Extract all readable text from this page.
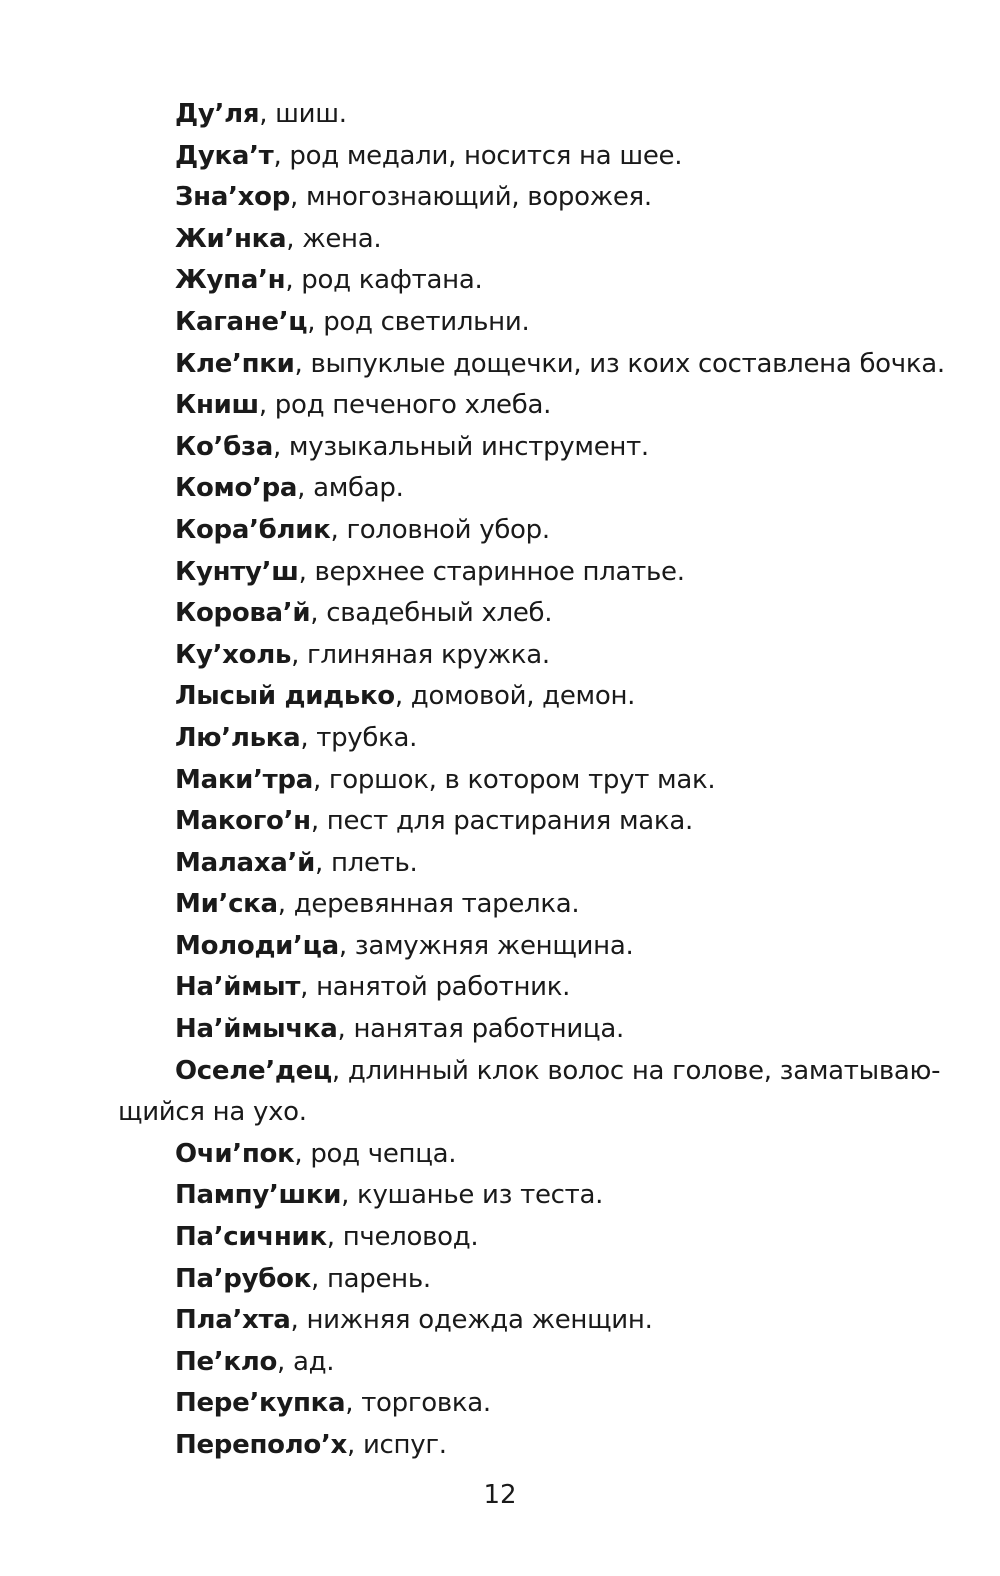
Ду’ля, шиш.
Дука’т, род медали, носится на шее.
Зна’хор, многознающий, ворожея.
Жи’нка, жена.
Жупа’н, род кафтана.
Кагане’ц, род светильни.
Кле’пки, выпуклые дощечки, из коих составлена бочка.
Книш, род печеного хлеба.
Ко’бза, музыкальный инструмент.
Комо’ра, амбар.
Кора’блик, головной убор.
Кунту’ш, верхнее старинное платье.
Корова’й, свадебный хлеб.
Ку’холь, глиняная кружка.
Лысый дидько, домовой, демон.
Лю’лька, трубка.
Маки’тра, горшок, в котором трут мак.
Макого’н, пест для растирания мака.
Малаха’й, плеть.
Ми’ска, деревянная тарелка.
Молоди’ца, замужняя женщина.
На’ймыт, нанятой работник.
На’ймычка, нанятая работница.
Оселе’дец, длинный клок волос на голове, заматывающийся на ухо.
Очи’пок, род чепца.
Пампу’шки, кушанье из теста.
Па’сичник, пчеловод.
Па’рубок, парень.
Пла’хта, нижняя одежда женщин.
Пе’кло, ад.
Пере’купка, торговка.
Переполо’х, испуг.
12
